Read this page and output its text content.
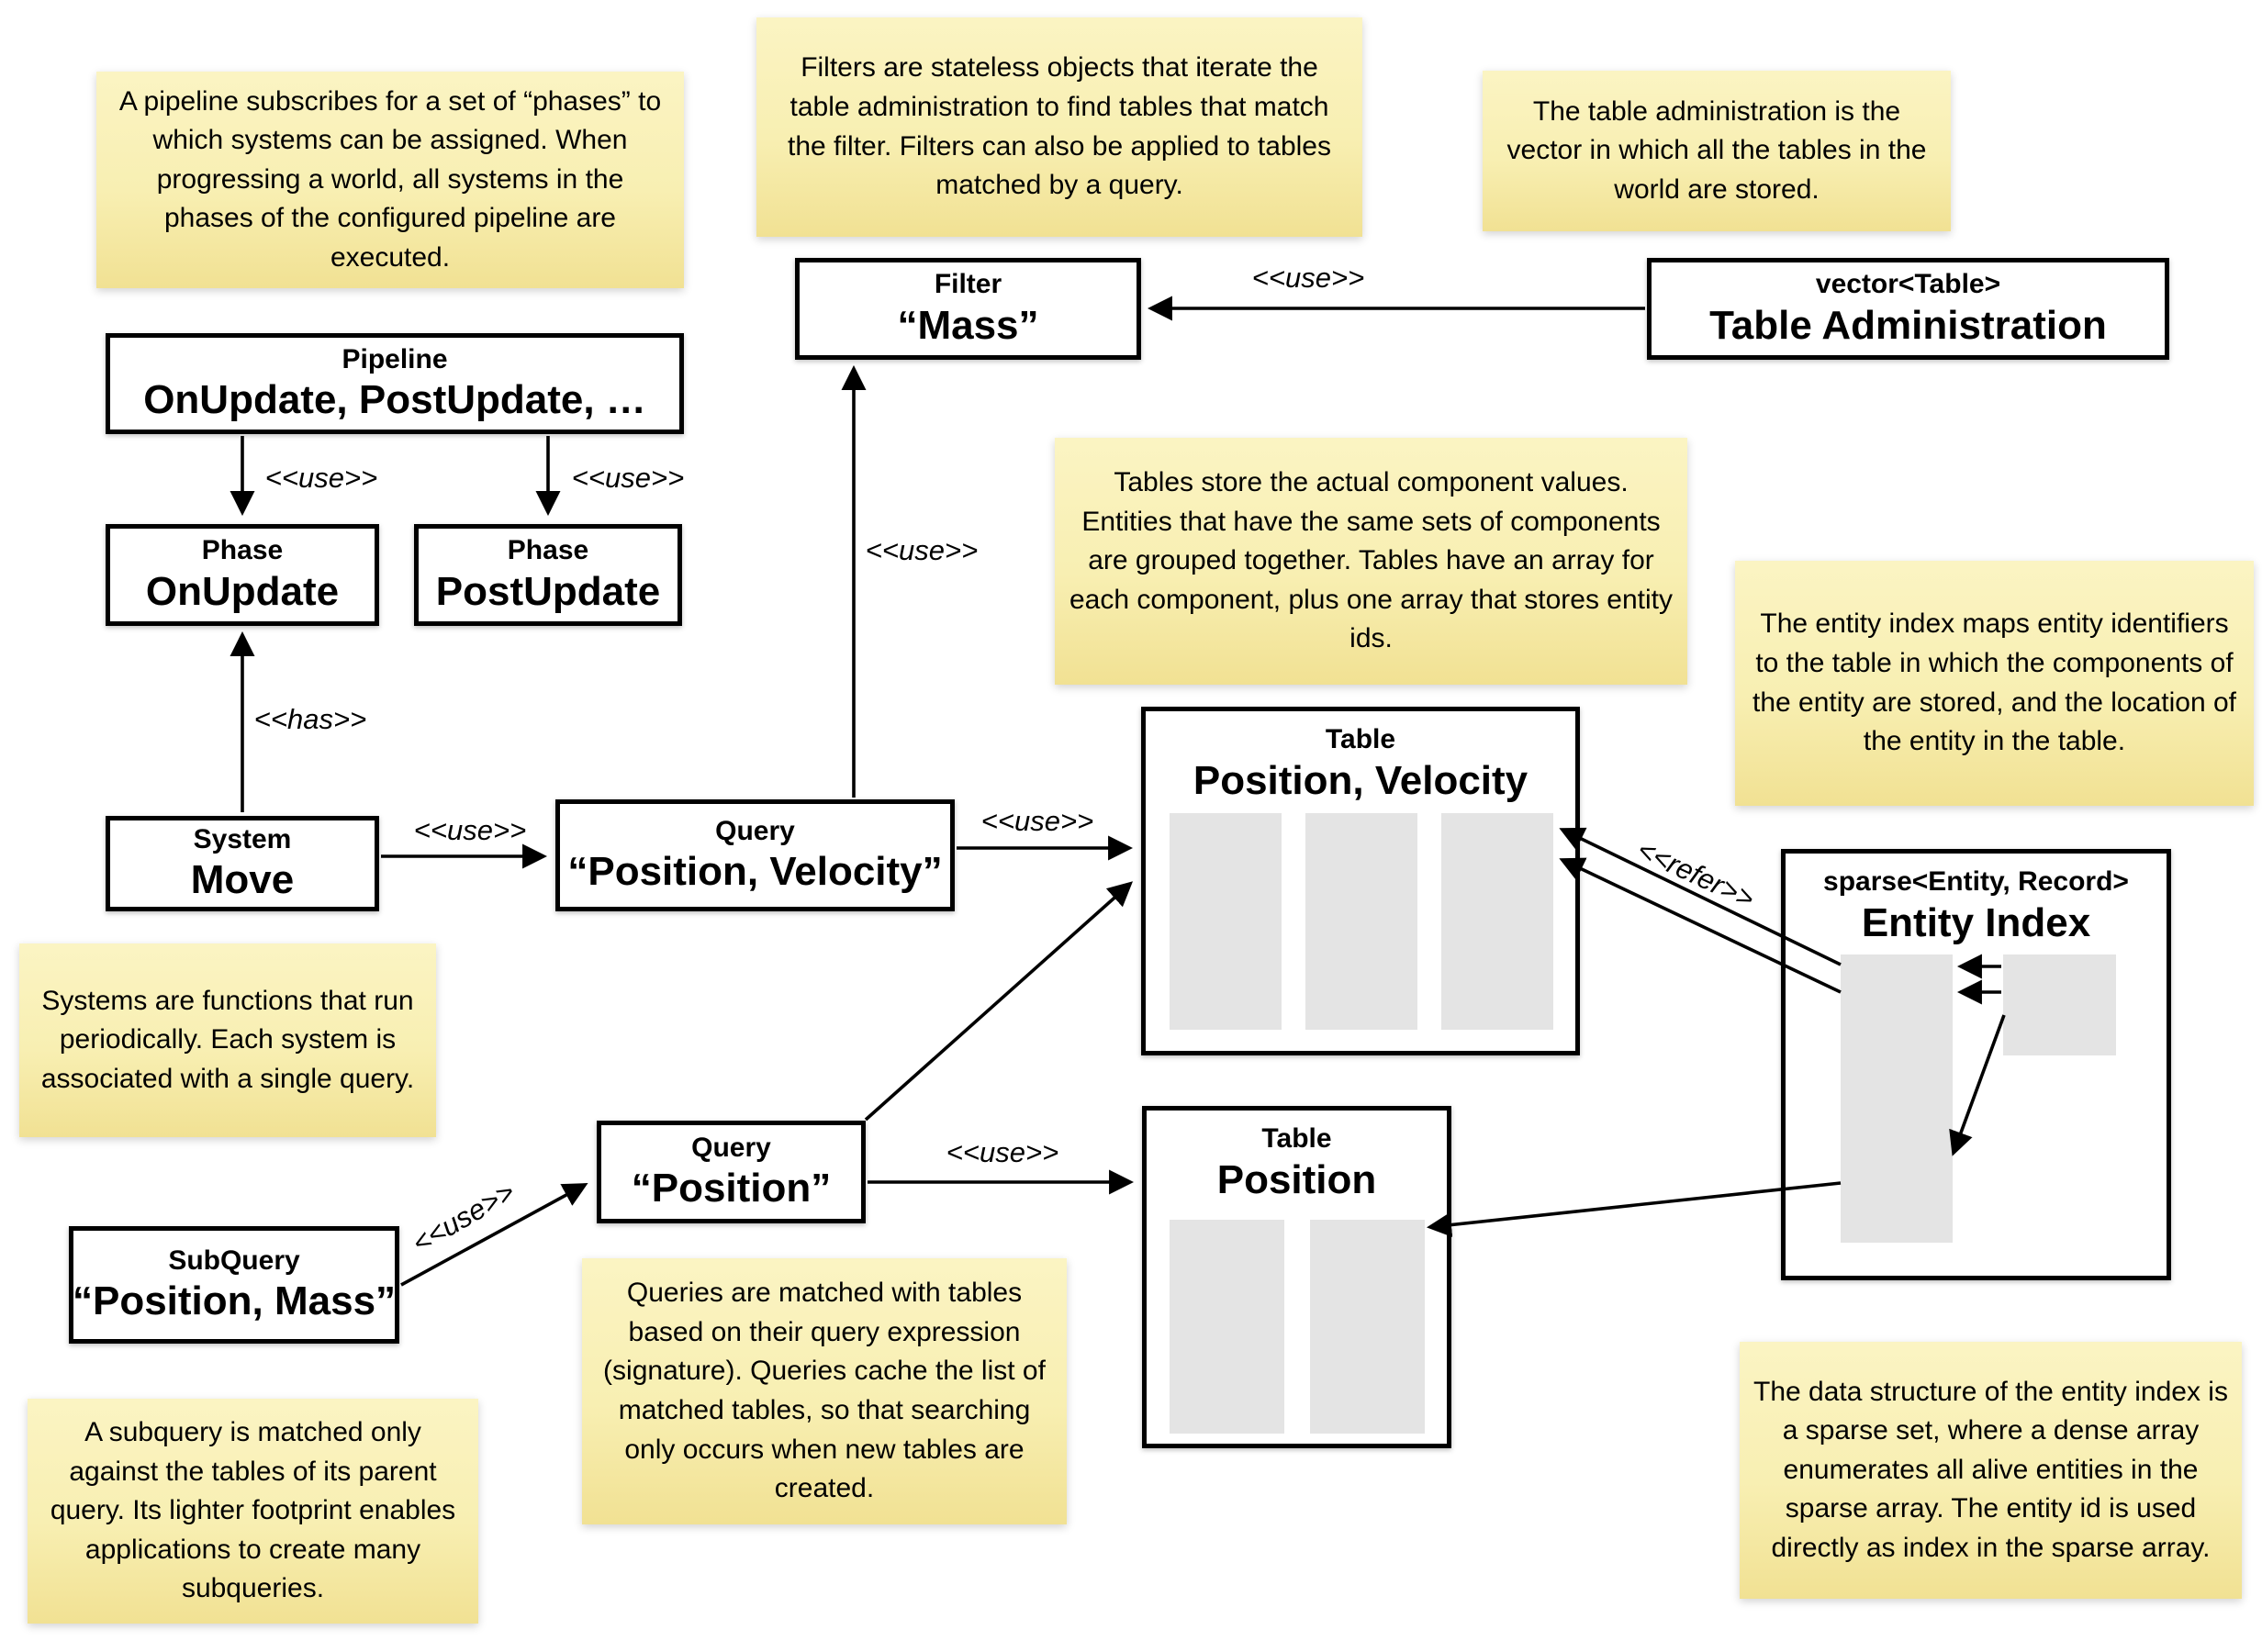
A pipeline subscribes for a set of “phases” to which systems can be assigned. When progressing a world, all systems in the phases of the configured pipeline are executed.
Filters are stateless objects that iterate the table administration to find tables that match the filter. Filters can also be applied to tables matched by a query.
The table administration is the vector in which all the tables in the world are stored.
Tables store the actual component values. Entities that have the same sets of components are grouped together. Tables have an array for each component, plus one array that stores entity ids.	The entity index maps entity identifiers to the table in which the components of the entity are stored, and the location of the entity in the table.
Systems are functions that run periodically. Each system is associated with a single query.
Queries are matched with tables based on their query expression (signature). Queries cache the list of matched tables, so that searching only occurs when new tables are created.
A subquery is matched only against the tables of its parent query. Its lighter footprint enables applications to create many subqueries.
The data structure of the entity index is a sparse set, where a dense array enumerates all alive entities in the sparse array. The entity id is used directly as index in the sparse array.
Pipeline
OnUpdate, PostUpdate, …
Phase
OnUpdate
Phase
PostUpdate
System
Move
Query
“Position, Velocity”
Filter
“Mass”
vector<Table>
Table Administration
Table
Position, Velocity
Table
Position
Query
“Position”
SubQuery
“Position, Mass”
sparse<Entity, Record>
Entity Index
<<use>>	<<use>>
<<has>>
<<use>>
<<use>>
<<use>>
<<use>>
<<use>>
<<use>>
<<refer>>
